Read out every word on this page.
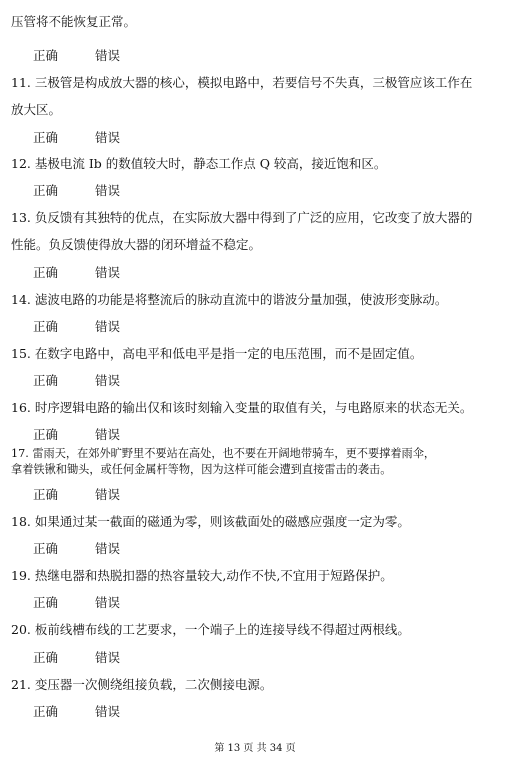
压管将不能恢复正常。
正确	错误
11. 三极管是构成放大器的核心，模拟电路中，若要信号不失真，三极管应该工作在
放大区。
正确	错误
12. 基极电流 Ib 的数值较大时，静态工作点 Q 较高，接近饱和区。
正确	错误
13. 负反馈有其独特的优点，在实际放大器中得到了广泛的应用，它改变了放大器的
性能。负反馈使得放大器的闭环增益不稳定。
正确	错误
14. 滤波电路的功能是将整流后的脉动直流中的谐波分量加强，使波形变脉动。
正确	错误
15. 在数字电路中，高电平和低电平是指一定的电压范围，而不是固定值。
正确	错误
16. 时序逻辑电路的输出仅和该时刻输入变量的取值有关，与电路原来的状态无关。
正确	错误
17. 雷雨天，在郊外旷野里不要站在高处，也不要在开阔地带骑车，更不要撑着雨伞，
拿着铁锹和锄头，或任何金属杆等物，因为这样可能会遭到直接雷击的袭击。
正确	错误
18. 如果通过某一截面的磁通为零，则该截面处的磁感应强度一定为零。
正确	错误
19. 热继电器和热脱扣器的热容量较大,动作不快,不宜用于短路保护。
正确	错误
20. 板前线槽布线的工艺要求，一个端子上的连接导线不得超过两根线。
正确	错误
21. 变压器一次侧绕组接负载，二次侧接电源。
正确	错误
第 13 页 共 34 页
